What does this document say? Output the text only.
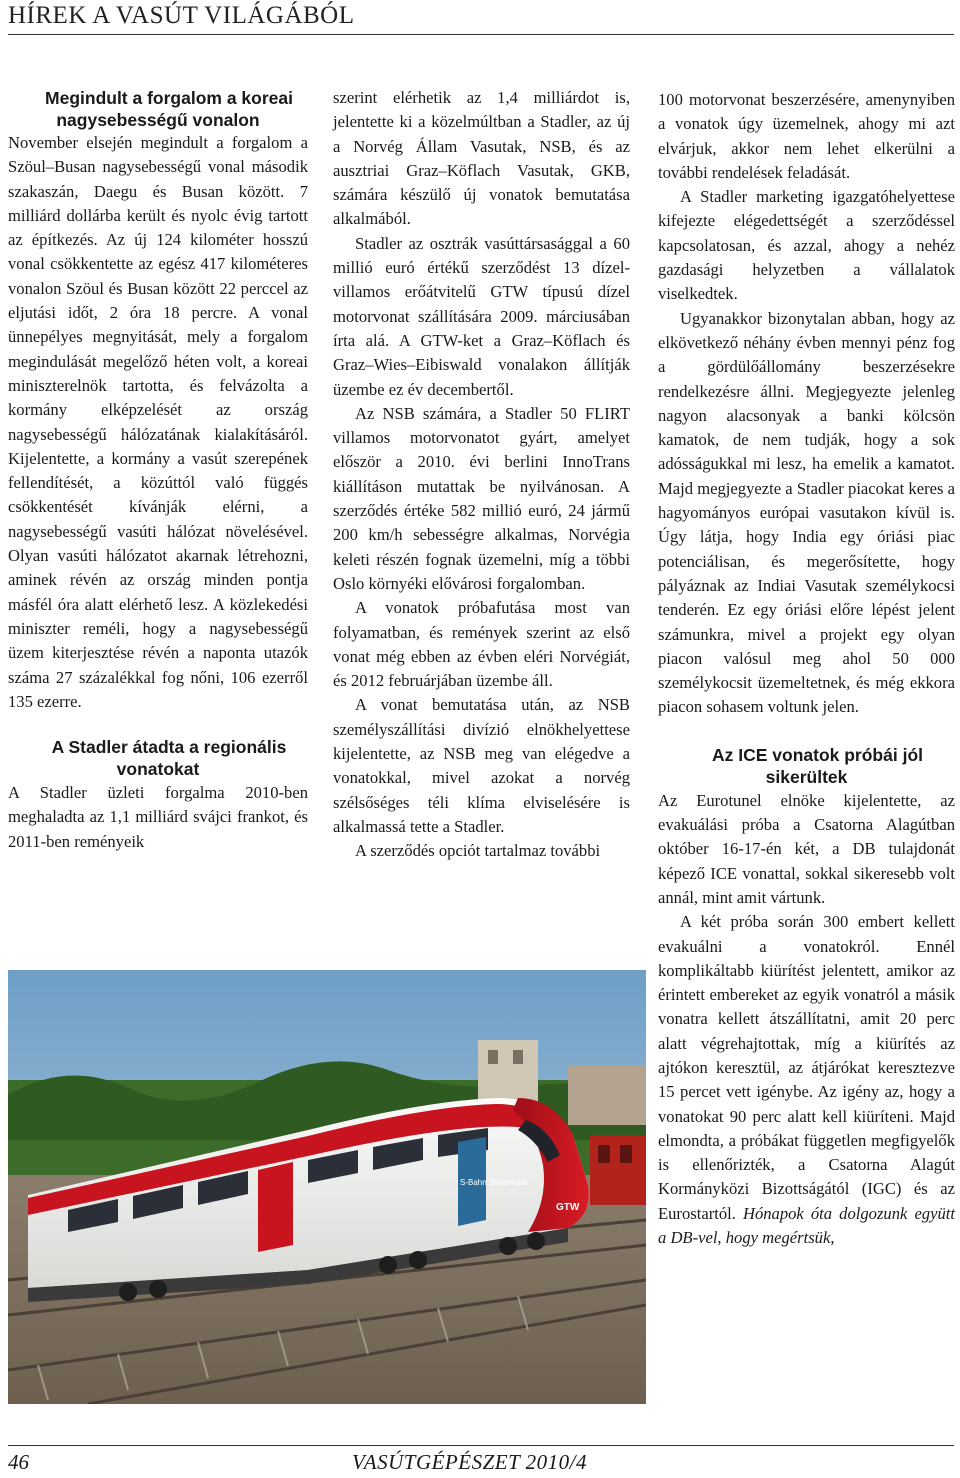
HÍREK A VASÚT VILÁGÁBÓL

Megindult a forgalom a koreai nagysebességű vonalon

November elsején megindult a forgalom a Szöul–Busan nagysebességű vonal második szakaszán, Daegu és Busan között. 7 milliárd dollárba került és nyolc évig tartott az építkezés. Az új 124 kilométer hosszú vonal csökkentette az egész 417 kilométeres vonalon Szöul és Busan között 22 perccel az eljutási időt, 2 óra 18 percre. A vonal ünnepélyes megnyitását, mely a forgalom megindulását megelőző héten volt, a koreai miniszterelnök tartotta, és felvázolta a kormány elképzelését az ország nagysebességű hálózatának kialakításáról. Kijelentette, a kormány a vasút szerepének fellendítését, a közúttól való függés csökkentését kívánják elérni, a nagysebességű vasúti hálózat növelésével. Olyan vasúti hálózatot akarnak létrehozni, aminek révén az ország minden pontja másfél óra alatt elérhető lesz. A közlekedési miniszter reméli, hogy a nagysebességű üzem kiterjesztése révén a naponta utazók száma 27 százalékkal fog nőni, 106 ezerről 135 ezerre.

A Stadler átadta a regionális vonatokat

A Stadler üzleti forgalma 2010-ben meghaladta az 1,1 milliárd svájci frankot, és 2011-ben reményeik

szerint elérhetik az 1,4 milliárdot is, jelentette ki a közelmúltban a Stadler, az új a Norvég Állam Vasutak, NSB, és az ausztriai Graz–Köflach Vasutak, GKB, számára készülő új vonatok bemutatása alkalmából.

Stadler az osztrák vasúttársasággal a 60 millió euró értékű szerződést 13 dízel-villamos erőátvitelű GTW típusú dízel motorvonat szállítására 2009. márciusában írta alá. A GTW-ket a Graz–Köflach és Graz–Wies–Eibiswald vonalakon állítják üzembe ez év decembertől.

Az NSB számára, a Stadler 50 FLIRT villamos motorvonatot gyárt, amelyet először a 2010. évi berlini InnoTrans kiállításon mutattak be nyilvánosan. A szerződés értéke 582 millió euró, 24 jármű 200 km/h sebességre alkalmas, Norvégia keleti részén fognak üzemelni, míg a többi Oslo környéki elővárosi forgalomban.

A vonatok próbafutása most van folyamatban, és remények szerint az első vonat még ebben az évben eléri Norvégiát, és 2012 februárjában üzembe áll.

A vonat bemutatása után, az NSB személyszállítási divízió elnökhelyettese kijelentette, az NSB meg van elégedve a vonatokkal, mivel azokat a norvég szélsőséges téli klíma elviselésére is alkalmassá tette a Stadler.

A szerződés opciót tartalmaz további

100 motorvonat beszerzésére, amenynyiben a vonatok úgy üzemelnek, ahogy mi azt elvárjuk, akkor nem lehet elkerülni a további rendelések feladását.

A Stadler marketing igazgatóhelyettese kifejezte elégedettségét a szerződéssel kapcsolatosan, és azzal, ahogy a nehéz gazdasági helyzetben a vállalatok viselkedtek.

Ugyanakkor bizonytalan abban, hogy az elkövetkező néhány évben mennyi pénz fog a gördülőállomány beszerzésekre rendelkezésre állni. Megjegyezte jelenleg nagyon alacsonyak a banki kölcsön kamatok, de nem tudják, hogy a sok adósságukkal mi lesz, ha emelik a kamatot. Majd megjegyezte a Stadler piacokat keres a hagyományos európai vasutakon kívül is. Úgy látja, hogy India egy óriási piac potenciálisan, és megerősítette, hogy pályáznak az Indiai Vasutak személykocsi tenderén. Ez egy óriási előre lépést jelent számunkra, mivel a projekt egy olyan piacon valósul meg ahol 50 000 személykocsit üzemeltetnek, és még ekkora piacon sohasem voltunk jelen.

Az ICE vonatok próbái jól sikerültek

Az Eurotunel elnöke kijelentette, az evakuálási próba a Csatorna Alagútban október 16-17-én két, a DB tulajdonát képező ICE vonattal, sokkal sikeresebb volt annál, mint amit vártunk.

A két próba során 300 embert kellett evakuálni a vonatokról. Ennél komplikáltabb kiürítést jelentett, amikor az érintett embereket az egyik vonatról a másik vonatra kellett átszállítatni, amit 20 perc alatt végrehajtottak, míg a kiürítés az ajtókon keresztül, az átjárókat keresztezve 15 percet vett igénybe. Az igény az, hogy a vonatokat 90 perc alatt kell kiüríteni. Majd elmondta, a próbákat független megfigyelők is ellenőrizték, a Csatorna Alagút Kormányközi Bizottságától (IGC) és az Eurostartól. Hónapok óta dolgozunk együtt a DB-vel, hogy megértsük,

S-Bahn Steiermark
GTW
46	VASÚTGÉPÉSZET 2010/4
